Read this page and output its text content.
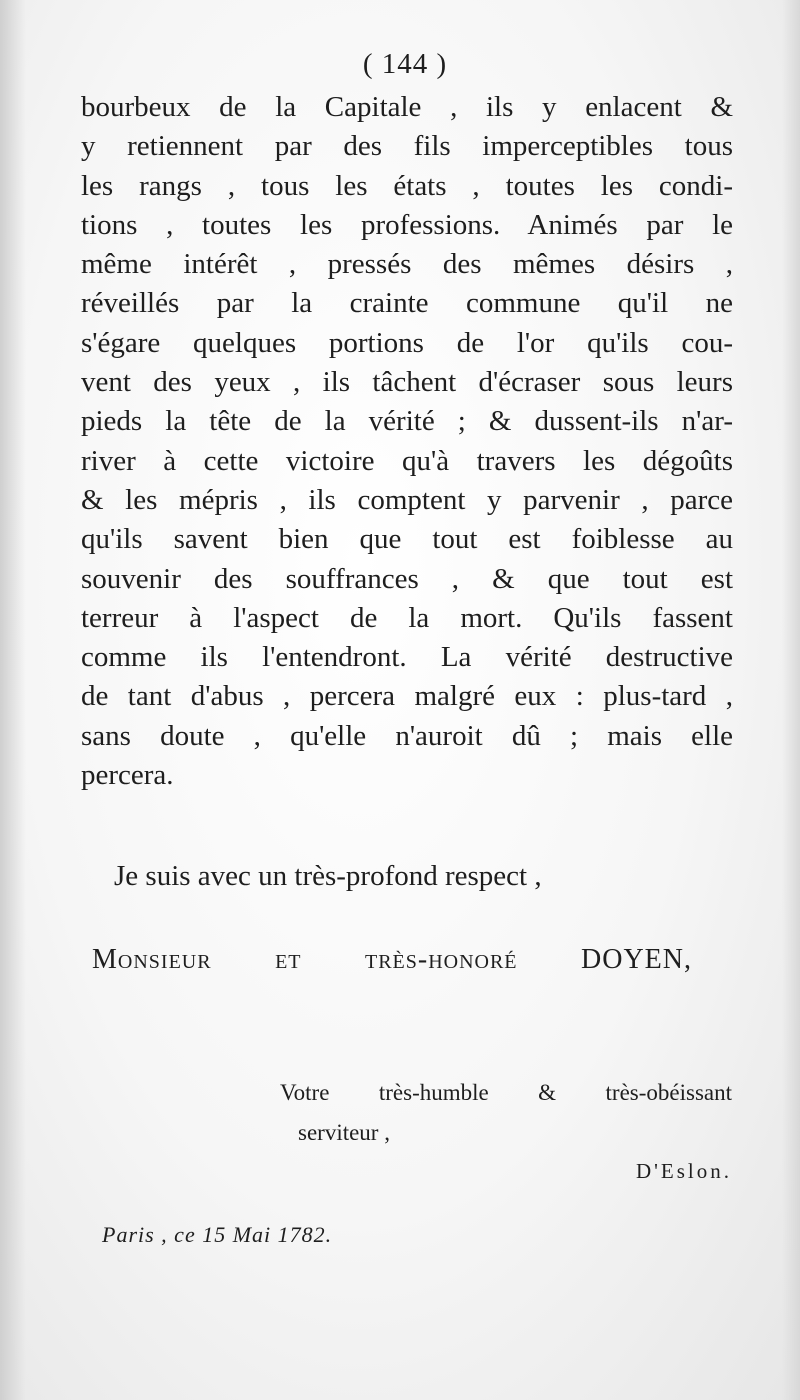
( 144 )
bourbeux de la Capitale , ils y enlacent &
y retiennent par des fils imperceptibles tous
les rangs , tous les états , toutes les condi-
tions , toutes les professions. Animés par le
même intérêt , pressés des mêmes désirs ,
réveillés par la crainte commune qu'il ne
s'égare quelques portions de l'or qu'ils cou-
vent des yeux , ils tâchent d'écraser sous leurs
pieds la tête de la vérité ; & dussent-ils n'ar-
river à cette victoire qu'à travers les dégoûts
& les mépris , ils comptent y parvenir , parce
qu'ils savent bien que tout est foiblesse au
souvenir des souffrances , & que tout est
terreur à l'aspect de la mort. Qu'ils fassent
comme ils l'entendront. La vérité destructive
de tant d'abus , percera malgré eux : plus-tard ,
sans doute , qu'elle n'auroit dû ; mais elle
percera.
Je suis avec un très-profond respect ,
Monsieur et très-honoré DOYEN,
Votre très-humble & très-obéissant
serviteur ,
D'Eslon.
Paris , ce 15 Mai 1782.
